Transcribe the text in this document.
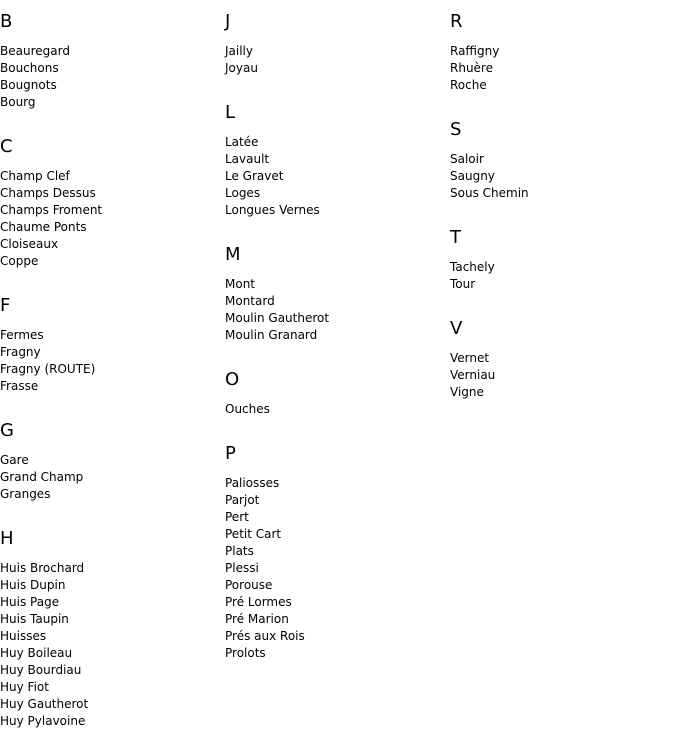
B
Beauregard
Bouchons
Bougnots
Bourg
C
Champ Clef
Champs Dessus
Champs Froment
Chaume Ponts
Cloiseaux
Coppe
F
Fermes
Fragny
Fragny (ROUTE)
Frasse
G
Gare
Grand Champ
Granges
H
Huis Brochard
Huis Dupin
Huis Page
Huis Taupin
Huisses
Huy Boileau
Huy Bourdiau
Huy Fiot
Huy Gautherot
Huy Pylavoine
J
Jailly
Joyau
L
Latée
Lavault
Le Gravet
Loges
Longues Vernes
M
Mont
Montard
Moulin Gautherot
Moulin Granard
O
Ouches
P
Paliosses
Parjot
Pert
Petit Cart
Plats
Plessi
Porouse
Pré Lormes
Pré Marion
Prés aux Rois
Prolots
R
Raffigny
Rhuère
Roche
S
Saloir
Saugny
Sous Chemin
T
Tachely
Tour
V
Vernet
Verniau
Vigne
